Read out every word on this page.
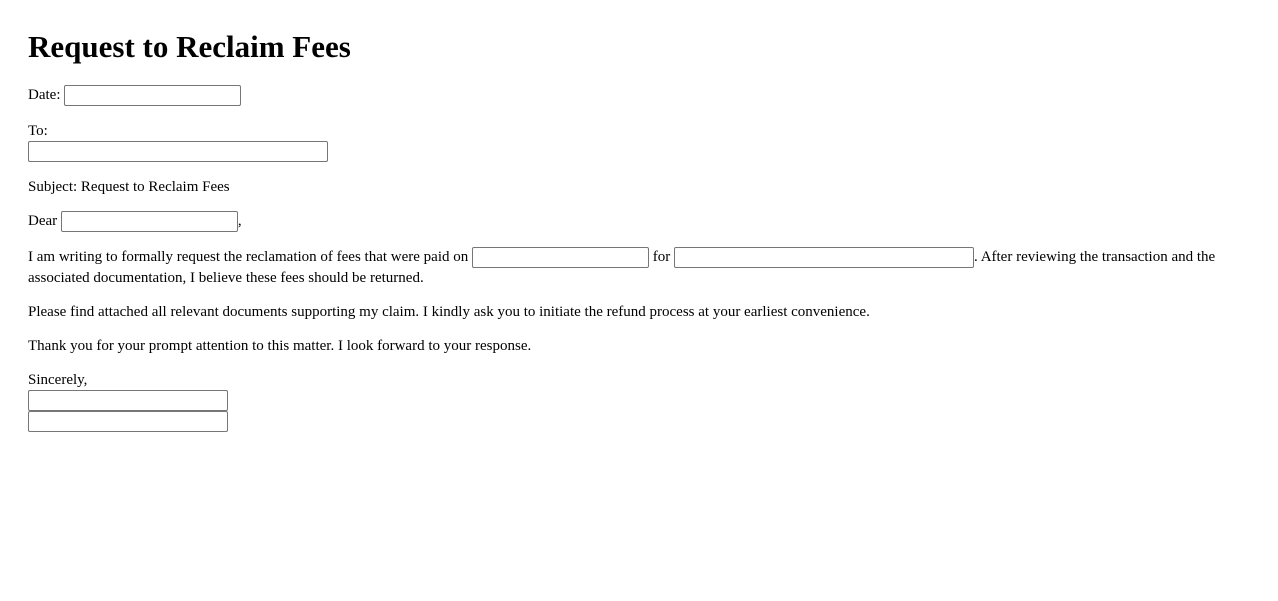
Request to Reclaim Fees
Date:
To:
Subject: Request to Reclaim Fees
Dear	,
I am writing to formally request the reclamation of fees that were paid on	for	. After reviewing the transaction and the associated documentation, I believe these fees should be returned.
Please find attached all relevant documents supporting my claim. I kindly ask you to initiate the refund process at your earliest convenience.
Thank you for your prompt attention to this matter. I look forward to your response.
Sincerely,
